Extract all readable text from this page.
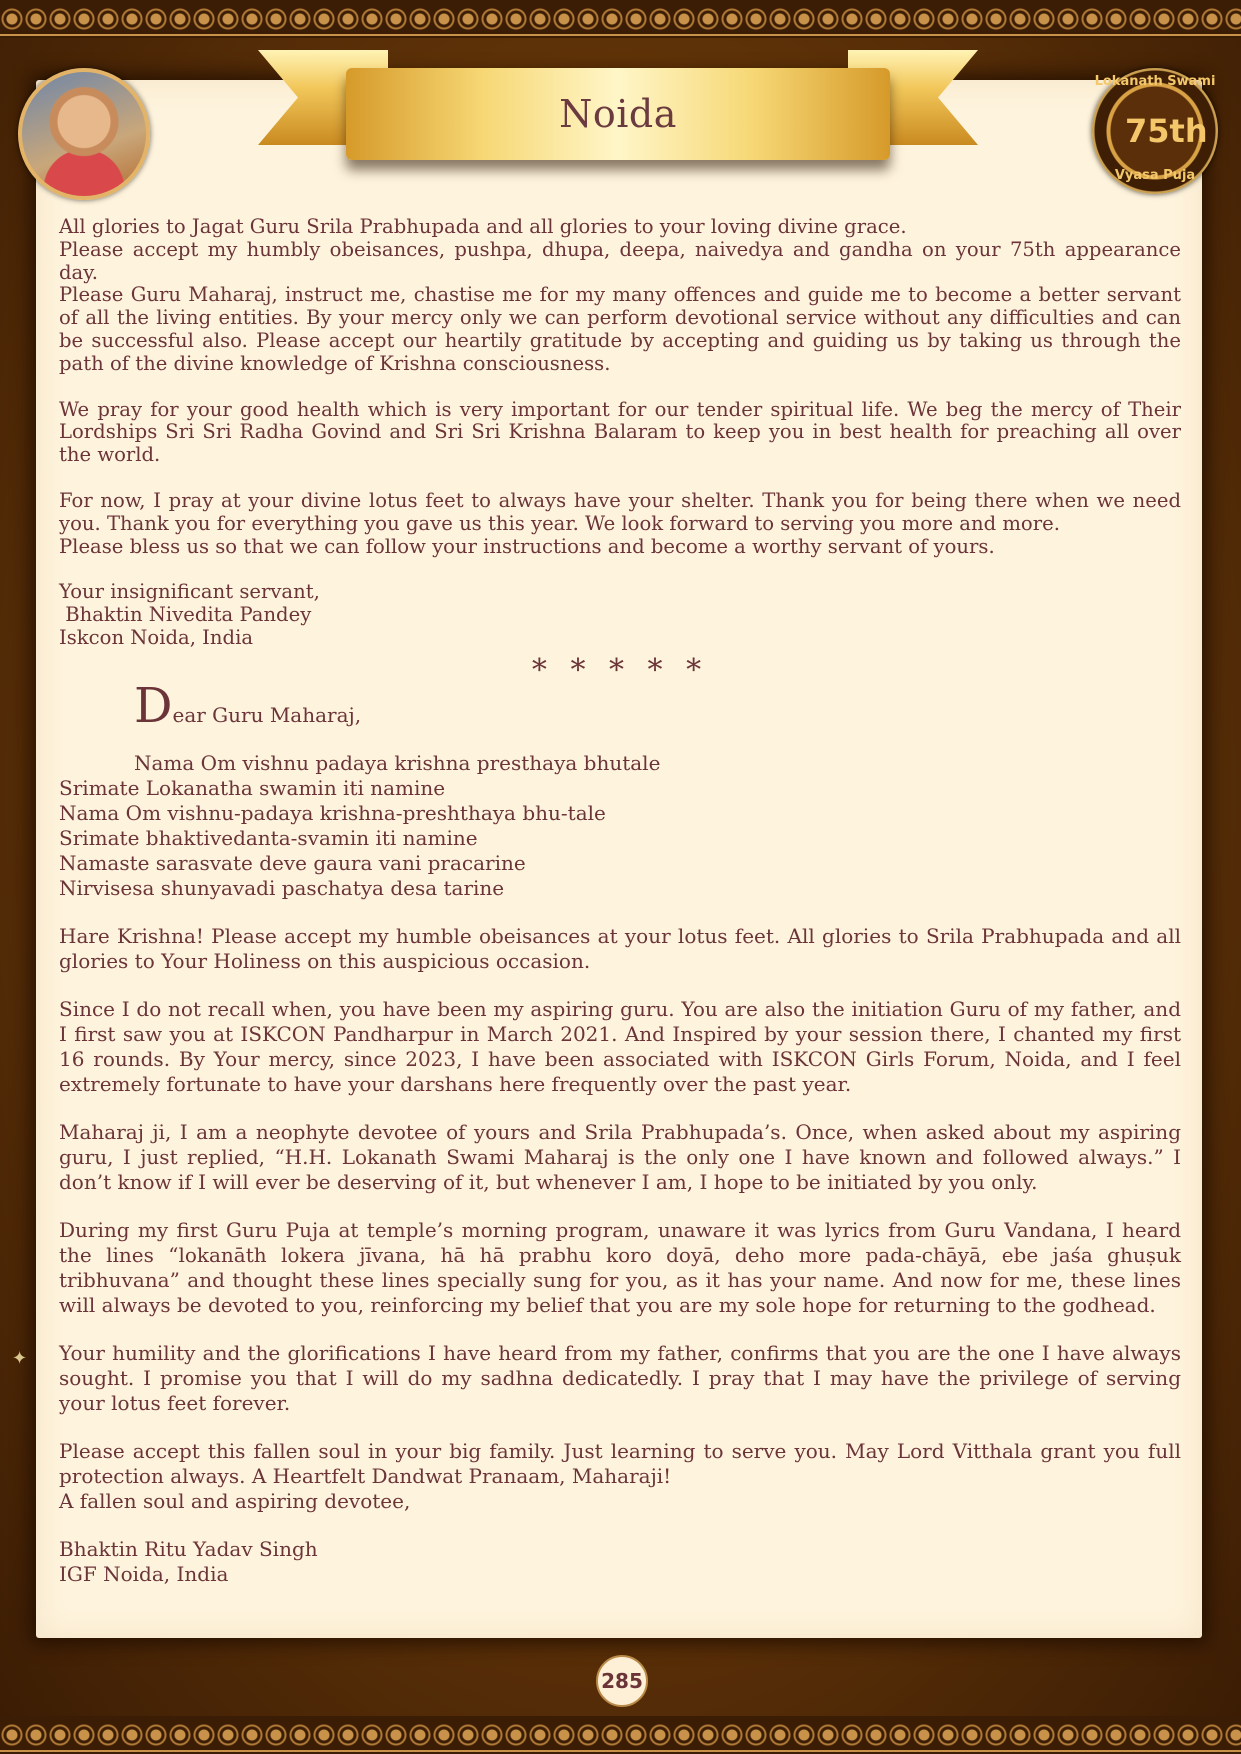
Noida
Lokanath Swami
75th
Vyasa Puja

All glories to Jagat Guru Srila Prabhupada and all glories to your loving divine grace.

Please accept my humbly obeisances, pushpa, dhupa, deepa, naivedya and gandha on your 75th appearance day.

Please Guru Maharaj, instruct me, chastise me for my many offences and guide me to become a better servant of all the living entities. By your mercy only we can perform devotional service without any difficulties and can be successful also. Please accept our heartily gratitude by accepting and guiding us by taking us through the path of the divine knowledge of Krishna consciousness.

We pray for your good health which is very important for our tender spiritual life. We beg the mercy of Their Lordships Sri Sri Radha Govind and Sri Sri Krishna Balaram to keep you in best health for preaching all over the world.

For now, I pray at your divine lotus feet to always have your shelter. Thank you for being there when we need you. Thank you for everything you gave us this year. We look forward to serving you more and more.

Please bless us so that we can follow your instructions and become a worthy servant of yours.

Your insignificant servant,

Bhaktin Nivedita Pandey

Iskcon Noida, India

* * * * *

Dear Guru Maharaj,

Nama Om vishnu padaya krishna presthaya bhutale

Srimate Lokanatha swamin iti namine

Nama Om vishnu-padaya krishna-preshthaya bhu-tale

Srimate bhaktivedanta-svamin iti namine

Namaste sarasvate deve gaura vani pracarine

Nirvisesa shunyavadi paschatya desa tarine

Hare Krishna! Please accept my humble obeisances at your lotus feet. All glories to Srila Prabhupada and all glories to Your Holiness on this auspicious occasion.

Since I do not recall when, you have been my aspiring guru. You are also the initiation Guru of my father, and I first saw you at ISKCON Pandharpur in March 2021. And Inspired by your session there, I chanted my first 16 rounds. By Your mercy, since 2023, I have been associated with ISKCON Girls Forum, Noida, and I feel extremely fortunate to have your darshans here frequently over the past year.

Maharaj ji, I am a neophyte devotee of yours and Srila Prabhupada’s. Once, when asked about my aspiring guru, I just replied, “H.H. Lokanath Swami Maharaj is the only one I have known and followed always.” I don’t know if I will ever be deserving of it, but whenever I am, I hope to be initiated by you only.

During my first Guru Puja at temple’s morning program, unaware it was lyrics from Guru Vandana, I heard the lines “lokanāth lokera jīvana, hā hā prabhu koro doyā, deho more pada-chāyā, ebe jaśa ghuṣuk tribhuvana” and thought these lines specially sung for you, as it has your name. And now for me, these lines will always be devoted to you, reinforcing my belief that you are my sole hope for returning to the godhead.

Your humility and the glorifications I have heard from my father, confirms that you are the one I have always sought. I promise you that I will do my sadhna dedicatedly. I pray that I may have the privilege of serving your lotus feet forever.

Please accept this fallen soul in your big family. Just learning to serve you. May Lord Vitthala grant you full protection always. A Heartfelt Dandwat Pranaam, Maharaji!

A fallen soul and aspiring devotee,

Bhaktin Ritu Yadav Singh

IGF Noida, India

✦
285
